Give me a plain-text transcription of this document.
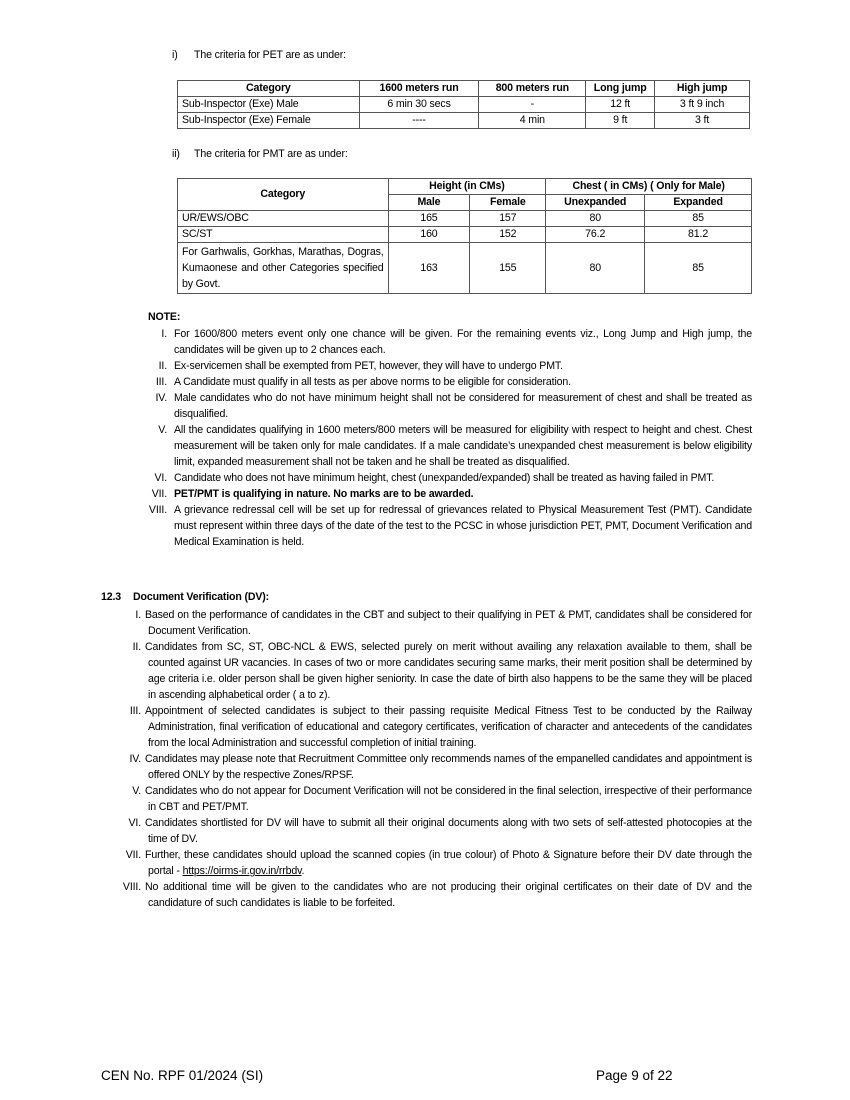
i)	The criteria for PET are as under:
Category	1600 meters run	800 meters run	Long jump	High jump
Sub-Inspector (Exe) Male	6 min 30 secs	-	12 ft	3 ft 9 inch
Sub-Inspector (Exe) Female	----	4 min	9 ft	3 ft
ii)	The criteria for PMT are as under:
Category	Height (in CMs)		Chest ( in CMs) ( Only for Male)	
	Male	Female	Unexpanded	Expanded
UR/EWS/OBC	165	157	80	85
SC/ST	160	152	76.2	81.2
For Garhwalis, Gorkhas, Marathas, Dogras, Kumaonese and other Categories specified by Govt.	163	155	80	85
NOTE:
I. For 1600/800 meters event only one chance will be given. For the remaining events viz., Long Jump and High jump, the candidates will be given up to 2 chances each.
II. Ex-servicemen shall be exempted from PET, however, they will have to undergo PMT.
III. A Candidate must qualify in all tests as per above norms to be eligible for consideration.
IV. Male candidates who do not have minimum height shall not be considered for measurement of chest and shall be treated as disqualified.
V. All the candidates qualifying in 1600 meters/800 meters will be measured for eligibility with respect to height and chest. Chest measurement will be taken only for male candidates. If a male candidate’s unexpanded chest measurement is below eligibility limit, expanded measurement shall not be taken and he shall be treated as disqualified.
VI. Candidate who does not have minimum height, chest (unexpanded/expanded) shall be treated as having failed in PMT.
VII. PET/PMT is qualifying in nature. No marks are to be awarded.
VIII. A grievance redressal cell will be set up for redressal of grievances related to Physical Measurement Test (PMT). Candidate must represent within three days of the date of the test to the PCSC in whose jurisdiction PET, PMT, Document Verification and Medical Examination is held.
12.3	Document Verification (DV):
I. Based on the performance of candidates in the CBT and subject to their qualifying in PET & PMT, candidates shall be considered for Document Verification.
II. Candidates from SC, ST, OBC-NCL & EWS, selected purely on merit without availing any relaxation available to them, shall be counted against UR vacancies. In cases of two or more candidates securing same marks, their merit position shall be determined by age criteria i.e. older person shall be given higher seniority. In case the date of birth also happens to be the same they will be placed in ascending alphabetical order ( a to z).
III. Appointment of selected candidates is subject to their passing requisite Medical Fitness Test to be conducted by the Railway Administration, final verification of educational and category certificates, verification of character and antecedents of the candidates from the local Administration and successful completion of initial training.
IV. Candidates may please note that Recruitment Committee only recommends names of the empanelled candidates and appointment is offered ONLY by the respective Zones/RPSF.
V. Candidates who do not appear for Document Verification will not be considered in the final selection, irrespective of their performance in CBT and PET/PMT.
VI. Candidates shortlisted for DV will have to submit all their original documents along with two sets of self-attested photocopies at the time of DV.
VII. Further, these candidates should upload the scanned copies (in true colour) of Photo & Signature before their DV date through the portal - https://oirms-ir.gov.in/rrbdv.
VIII. No additional time will be given to the candidates who are not producing their original certificates on their date of DV and the candidature of such candidates is liable to be forfeited.
CEN No. RPF 01/2024 (SI)	Page 9 of 22
